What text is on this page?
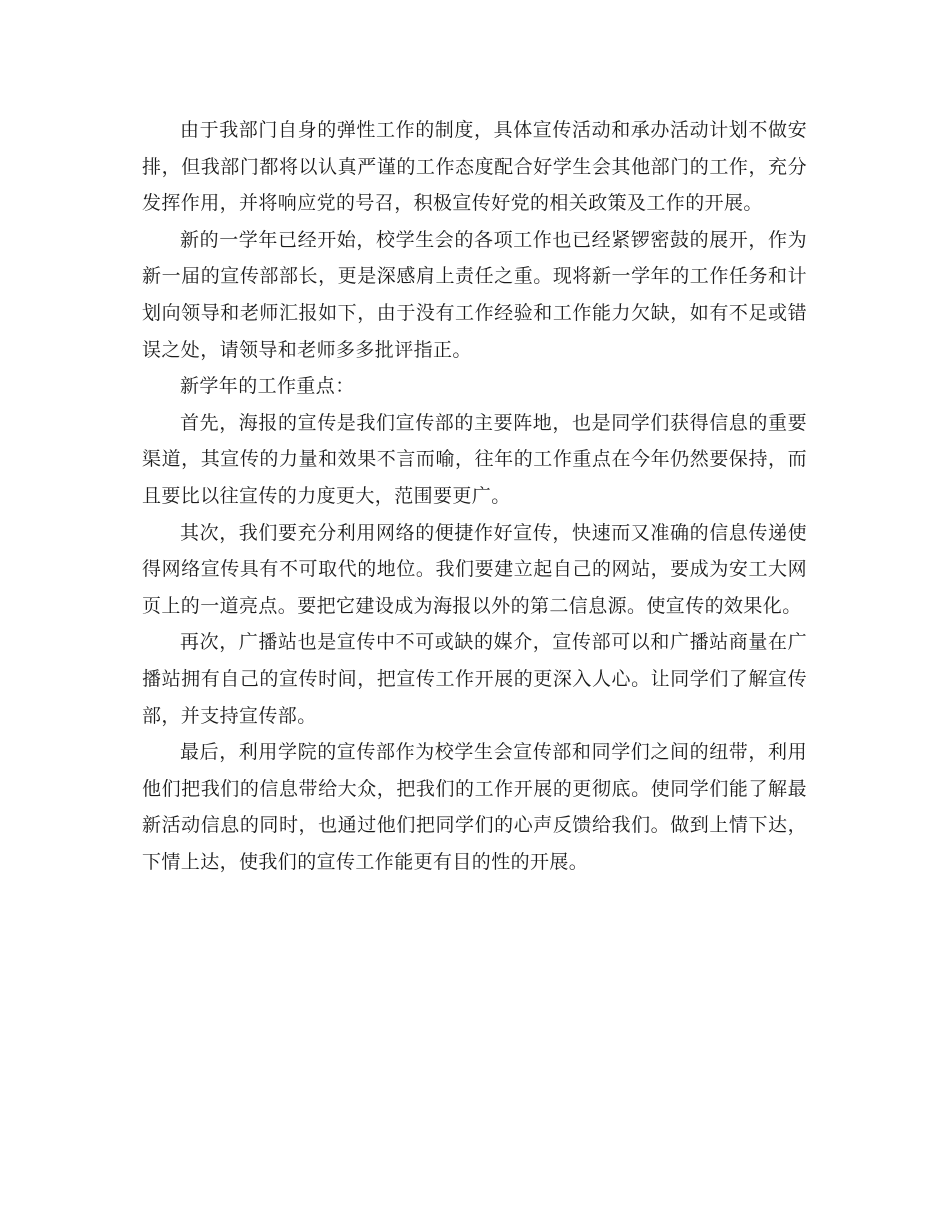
由于我部门自身的弹性工作的制度，具体宣传活动和承办活动计划不做安排，但我部门都将以认真严谨的工作态度配合好学生会其他部门的工作，充分发挥作用，并将响应党的号召，积极宣传好党的相关政策及工作的开展。

新的一学年已经开始，校学生会的各项工作也已经紧锣密鼓的展开，作为新一届的宣传部部长，更是深感肩上责任之重。现将新一学年的工作任务和计划向领导和老师汇报如下，由于没有工作经验和工作能力欠缺，如有不足或错误之处，请领导和老师多多批评指正。

新学年的工作重点：

首先，海报的宣传是我们宣传部的主要阵地，也是同学们获得信息的重要渠道，其宣传的力量和效果不言而喻，往年的工作重点在今年仍然要保持，而且要比以往宣传的力度更大，范围要更广。

其次，我们要充分利用网络的便捷作好宣传，快速而又准确的信息传递使得网络宣传具有不可取代的地位。我们要建立起自己的网站，要成为安工大网页上的一道亮点。要把它建设成为海报以外的第二信息源。使宣传的效果化。

再次，广播站也是宣传中不可或缺的媒介，宣传部可以和广播站商量在广播站拥有自己的宣传时间，把宣传工作开展的更深入人心。让同学们了解宣传部，并支持宣传部。

最后，利用学院的宣传部作为校学生会宣传部和同学们之间的纽带，利用他们把我们的信息带给大众，把我们的工作开展的更彻底。使同学们能了解最新活动信息的同时，也通过他们把同学们的心声反馈给我们。做到上情下达，下情上达，使我们的宣传工作能更有目的性的开展。
